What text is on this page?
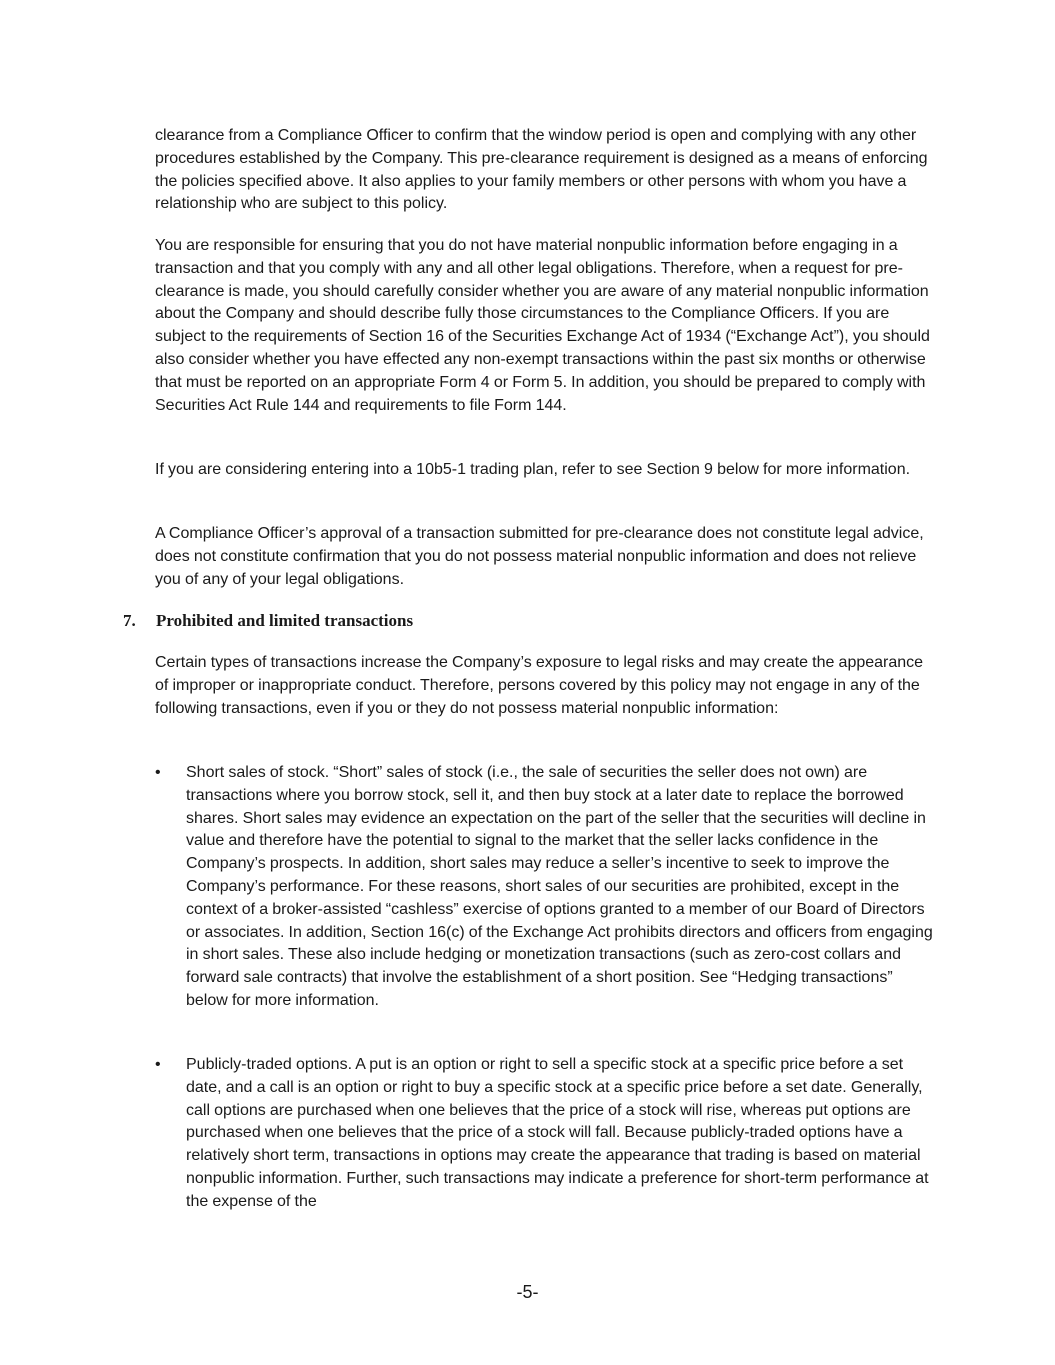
clearance from a Compliance Officer to confirm that the window period is open and complying with any other procedures established by the Company. This pre-clearance requirement is designed as a means of enforcing the policies specified above. It also applies to your family members or other persons with whom you have a relationship who are subject to this policy.

You are responsible for ensuring that you do not have material nonpublic information before engaging in a transaction and that you comply with any and all other legal obligations. Therefore, when a request for pre-clearance is made, you should carefully consider whether you are aware of any material nonpublic information about the Company and should describe fully those circumstances to the Compliance Officers. If you are subject to the requirements of Section 16 of the Securities Exchange Act of 1934 (“Exchange Act”), you should also consider whether you have effected any non-exempt transactions within the past six months or otherwise that must be reported on an appropriate Form 4 or Form 5. In addition, you should be prepared to comply with Securities Act Rule 144 and requirements to file Form 144.

If you are considering entering into a 10b5-1 trading plan, refer to see Section 9 below for more information.

A Compliance Officer’s approval of a transaction submitted for pre-clearance does not constitute legal advice, does not constitute confirmation that you do not possess material nonpublic information and does not relieve you of any of your legal obligations.

7. Prohibited and limited transactions

Certain types of transactions increase the Company’s exposure to legal risks and may create the appearance of improper or inappropriate conduct. Therefore, persons covered by this policy may not engage in any of the following transactions, even if you or they do not possess material nonpublic information:

• Short sales of stock. “Short” sales of stock (i.e., the sale of securities the seller does not own) are transactions where you borrow stock, sell it, and then buy stock at a later date to replace the borrowed shares. Short sales may evidence an expectation on the part of the seller that the securities will decline in value and therefore have the potential to signal to the market that the seller lacks confidence in the Company’s prospects. In addition, short sales may reduce a seller’s incentive to seek to improve the Company’s performance. For these reasons, short sales of our securities are prohibited, except in the context of a broker-assisted “cashless” exercise of options granted to a member of our Board of Directors or associates. In addition, Section 16(c) of the Exchange Act prohibits directors and officers from engaging in short sales. These also include hedging or monetization transactions (such as zero-cost collars and forward sale contracts) that involve the establishment of a short position. See “Hedging transactions” below for more information.

• Publicly-traded options. A put is an option or right to sell a specific stock at a specific price before a set date, and a call is an option or right to buy a specific stock at a specific price before a set date. Generally, call options are purchased when one believes that the price of a stock will rise, whereas put options are purchased when one believes that the price of a stock will fall. Because publicly-traded options have a relatively short term, transactions in options may create the appearance that trading is based on material nonpublic information. Further, such transactions may indicate a preference for short-term performance at the expense of the

-5-
